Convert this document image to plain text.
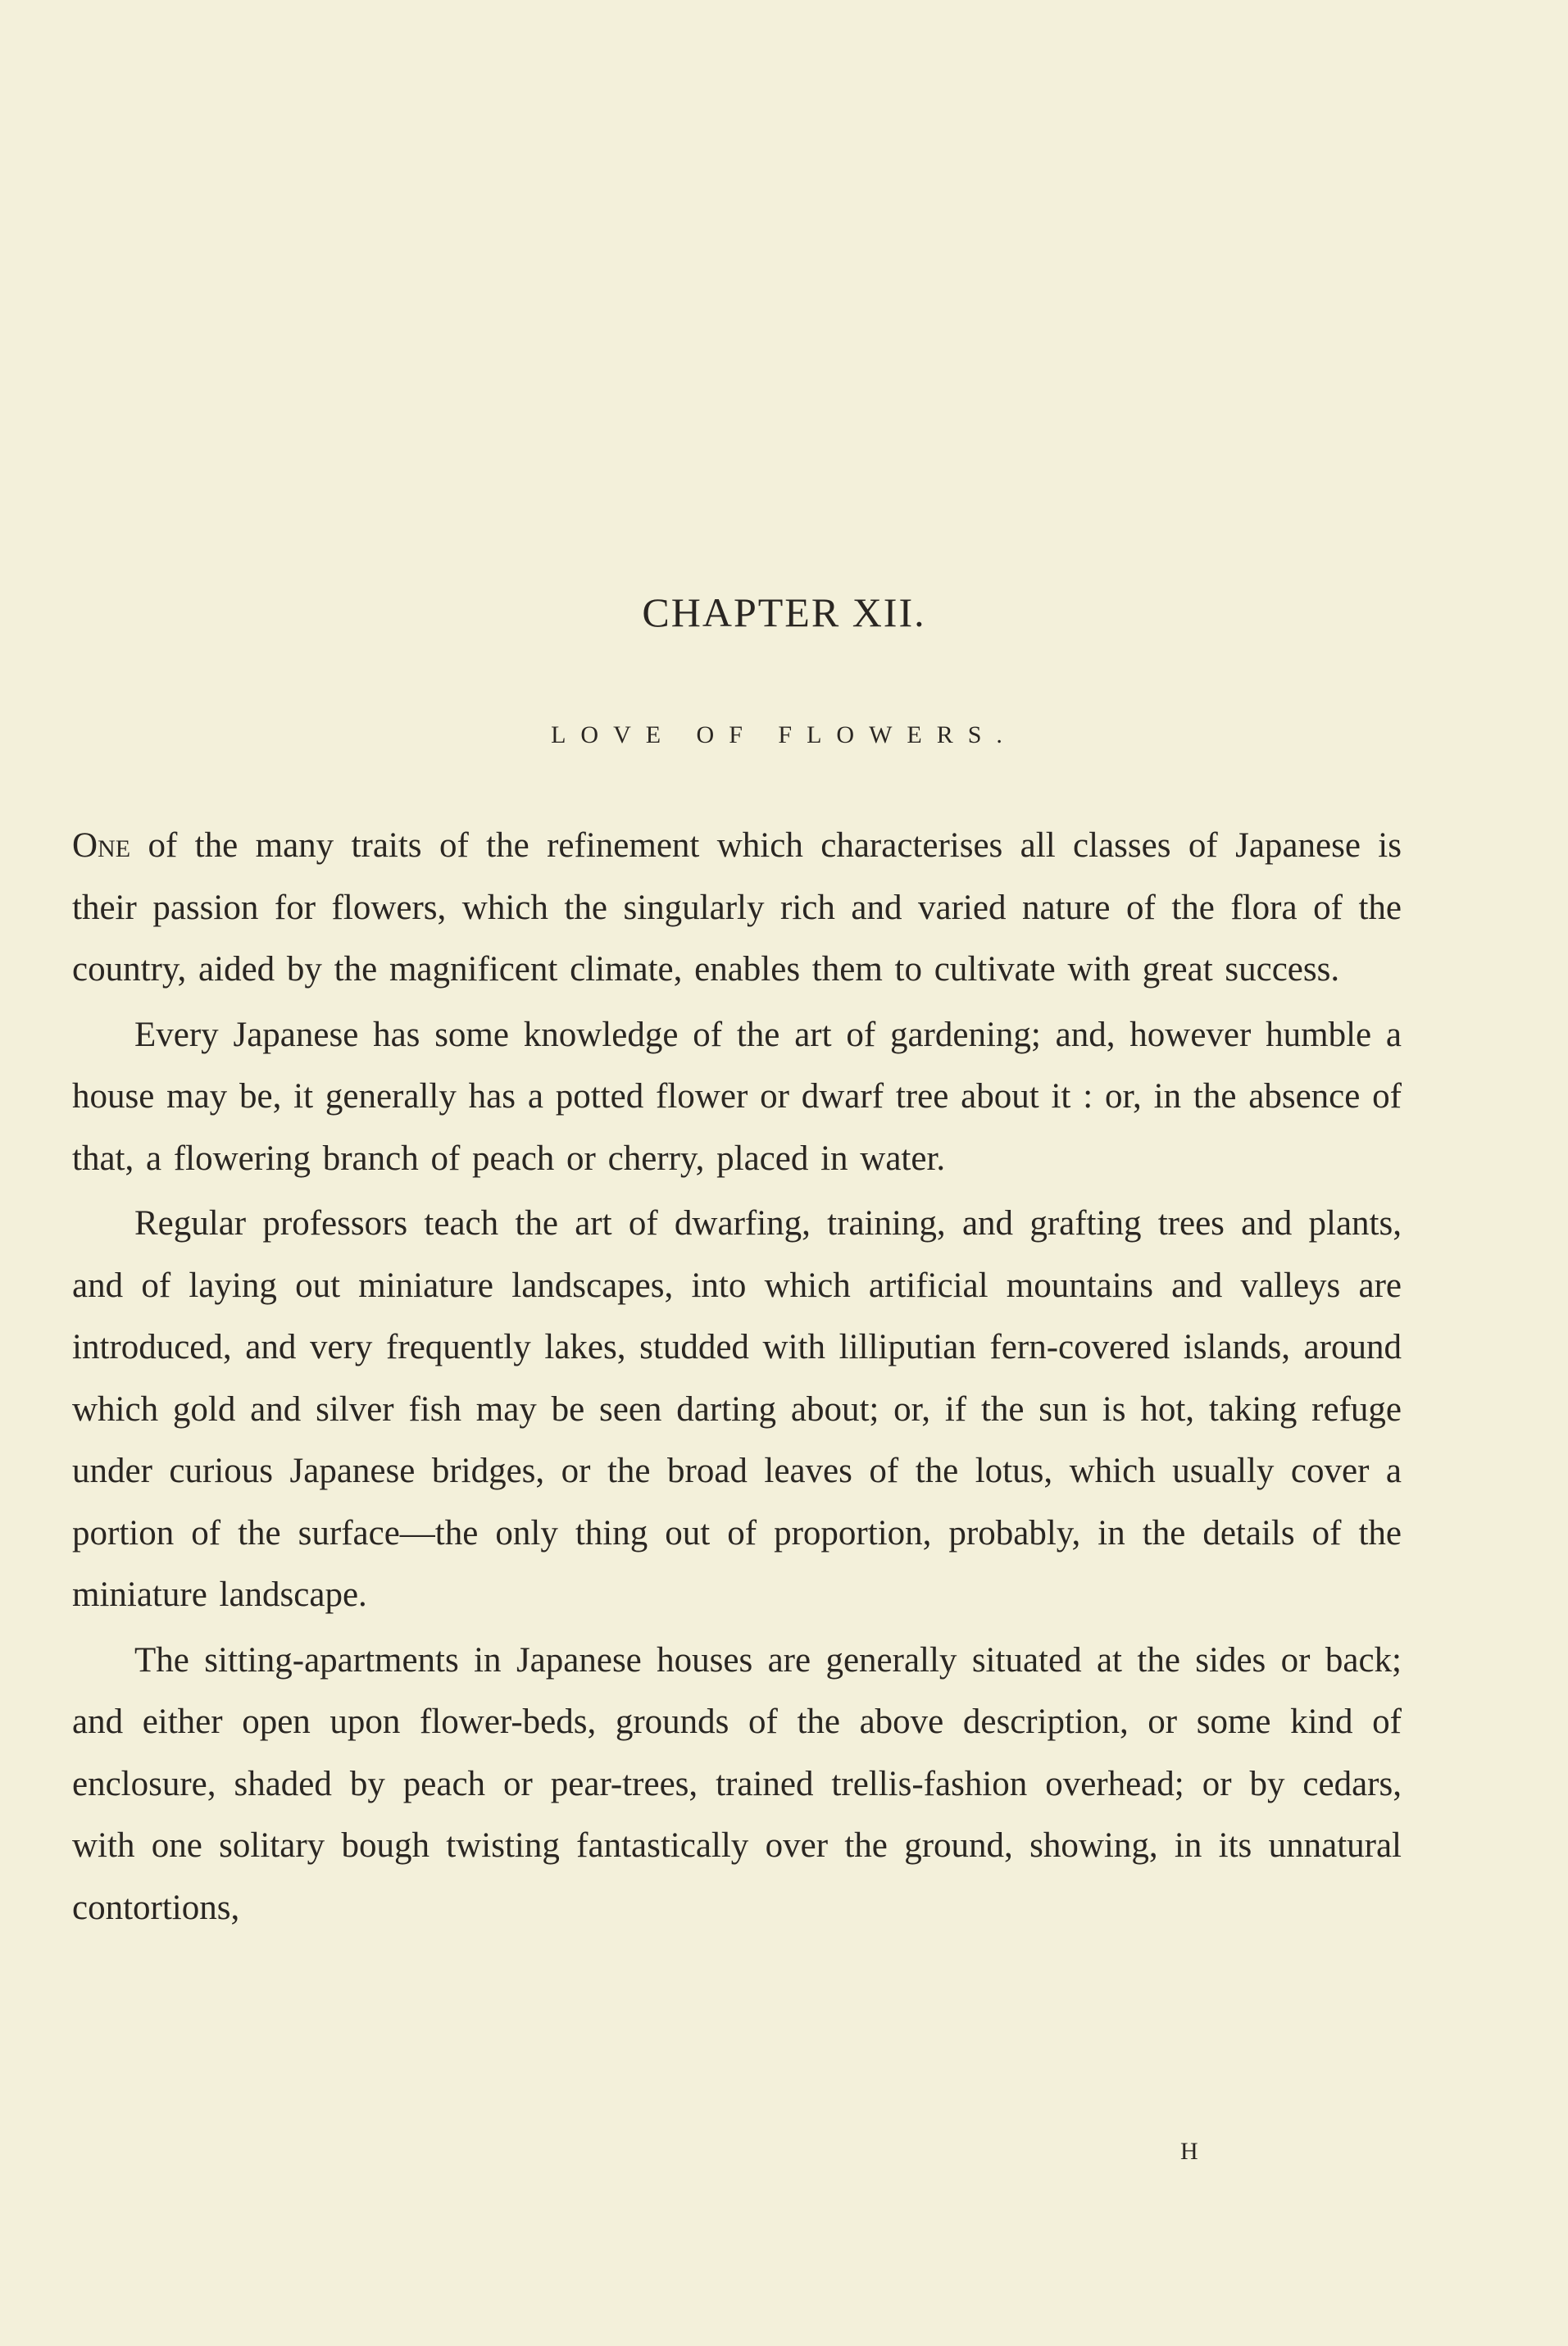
CHAPTER XII.
LOVE OF FLOWERS.

One of the many traits of the refinement which characterises all classes of Japanese is their passion for flowers, which the singularly rich and varied nature of the flora of the country, aided by the magnificent climate, enables them to cultivate with great success.

Every Japanese has some knowledge of the art of gardening; and, however humble a house may be, it generally has a potted flower or dwarf tree about it : or, in the absence of that, a flowering branch of peach or cherry, placed in water.

Regular professors teach the art of dwarfing, training, and grafting trees and plants, and of laying out miniature landscapes, into which artificial mountains and valleys are introduced, and very frequently lakes, studded with lilliputian fern-covered islands, around which gold and silver fish may be seen darting about; or, if the sun is hot, taking refuge under curious Japanese bridges, or the broad leaves of the lotus, which usually cover a portion of the surface—the only thing out of proportion, probably, in the details of the miniature landscape.

The sitting-apartments in Japanese houses are generally situated at the sides or back; and either open upon flower-beds, grounds of the above description, or some kind of enclosure, shaded by peach or pear-trees, trained trellis-fashion overhead; or by cedars, with one solitary bough twisting fantastically over the ground, showing, in its unnatural contortions,

H
